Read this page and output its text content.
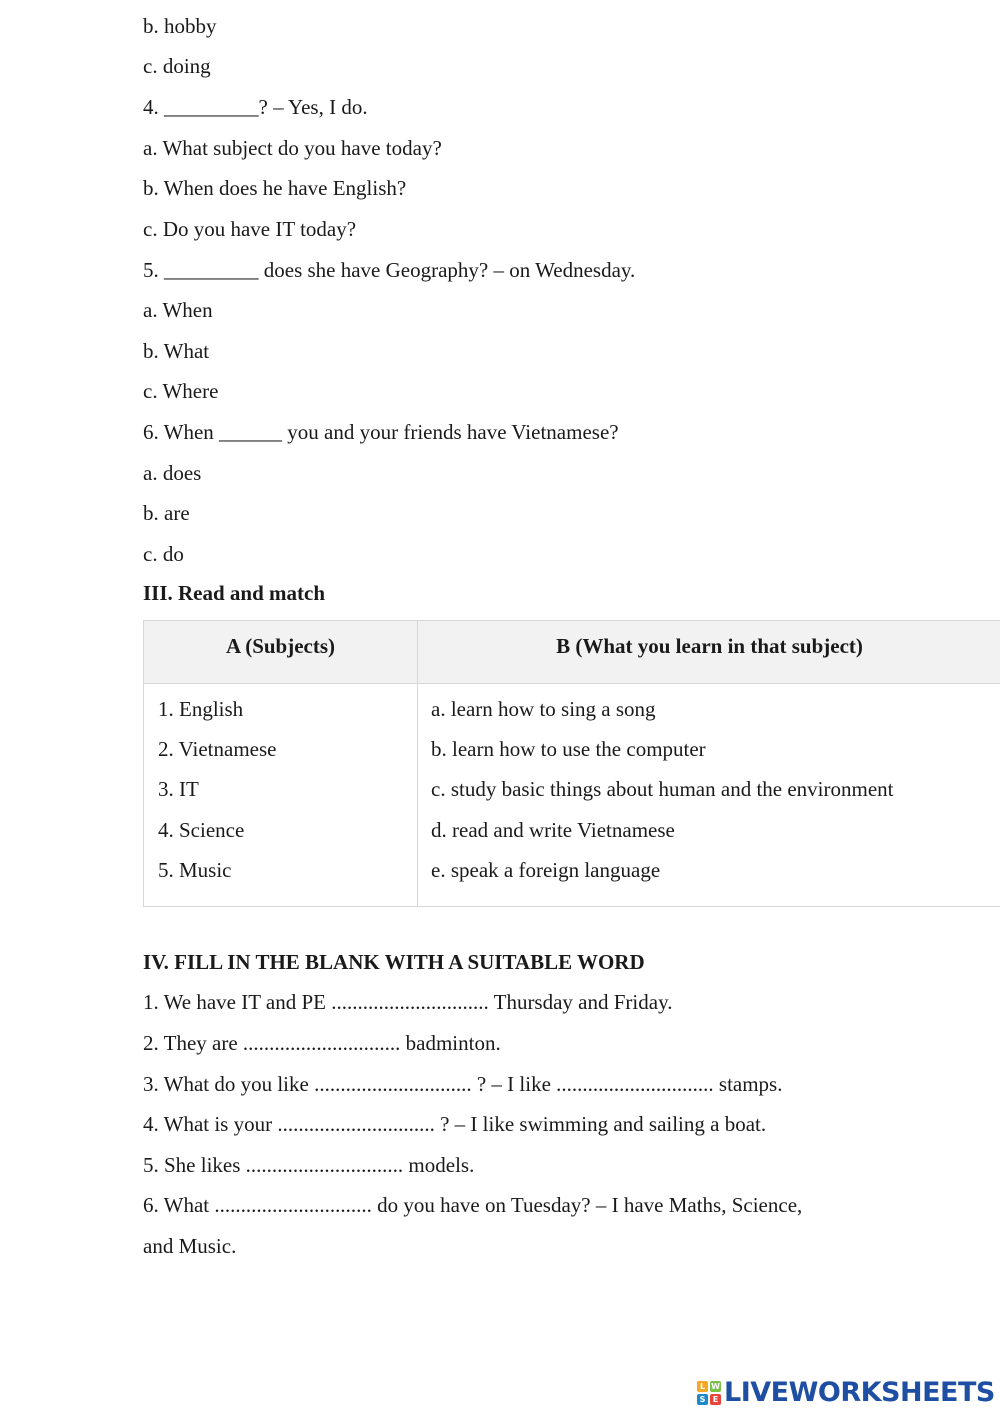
b. hobby
c. doing
4. _________? – Yes, I do.
a. What subject do you have today?
b. When does he have English?
c. Do you have IT today?
5. _________ does she have Geography? – on Wednesday.
a. When
b. What
c. Where
6. When ______ you and your friends have Vietnamese?
a. does
b. are
c. do
III. Read and match
A (Subjects)	B (What you learn in that subject)
1. English
2. Vietnamese
3. IT
4. Science
5. Music
a. learn how to sing a song
b. learn how to use the computer
c. study basic things about human and the environment
d. read and write Vietnamese
e. speak a foreign language
IV. FILL IN THE BLANK WITH A SUITABLE WORD
1. We have IT and PE .............................. Thursday and Friday.
2. They are .............................. badminton.
3. What do you like .............................. ? – I like .............................. stamps.
4. What is your .............................. ? – I like swimming and sailing a boat.
5. She likes .............................. models.
6. What .............................. do you have on Tuesday? – I have Maths, Science,
and Music.
L W
S E LIVEWORKSHEETS
